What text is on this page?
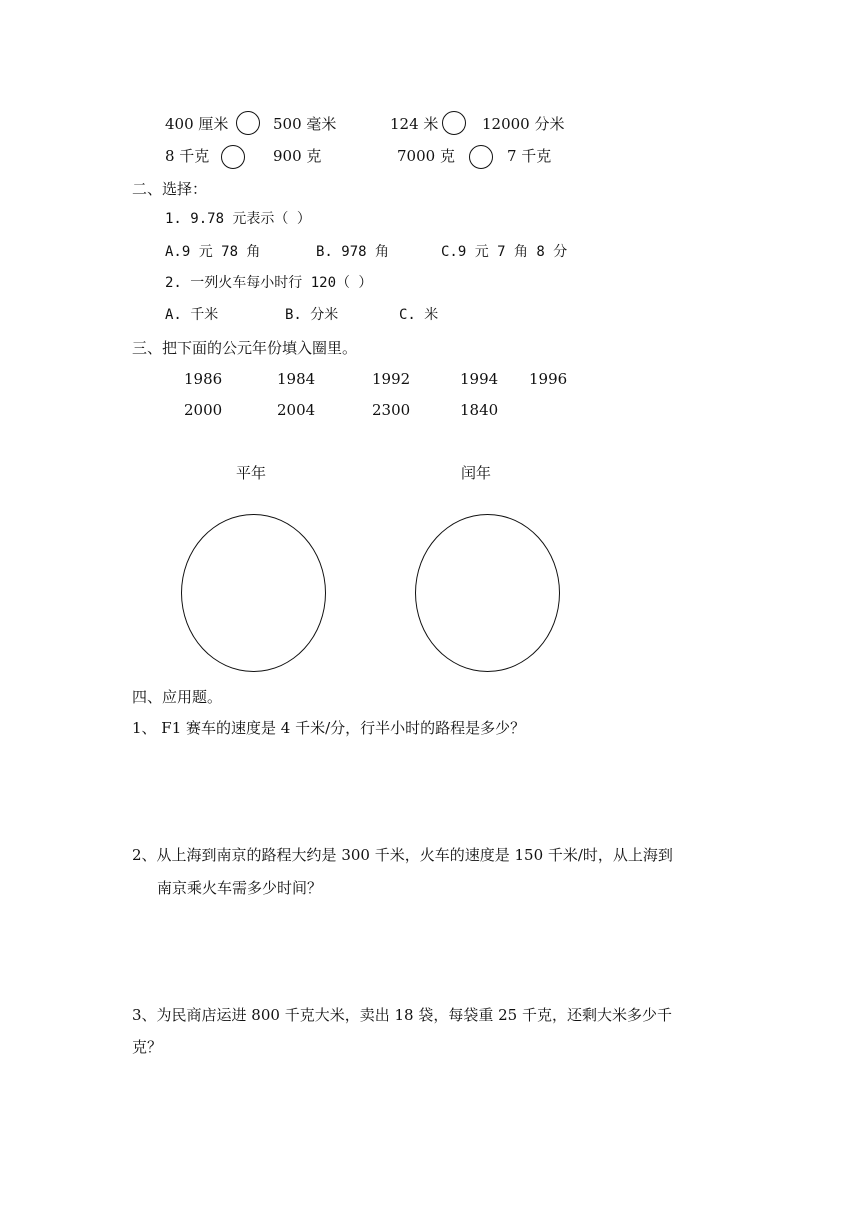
400 厘米	500 毫米	124 米	12000 分米
8 千克	900 克	7000 克	7 千克
二、选择：
1. 9.78 元表示（ ）
A.9 元 78 角	B. 978 角	C.9 元 7 角 8 分
2. 一列火车每小时行 120（ ）
A. 千米	B. 分米	C. 米
三、把下面的公元年份填入圈里。
1986	1984	1992	1994 1996
2000	2004	2300	1840
平年	闰年
四、应用题。
1、 F1 赛车的速度是 4 千米/分，行半小时的路程是多少？
2、从上海到南京的路程大约是 300 千米，火车的速度是 150 千米/时，从上海到
南京乘火车需多少时间？
3、为民商店运进 800 千克大米，卖出 18 袋，每袋重 25 千克，还剩大米多少千
克？
